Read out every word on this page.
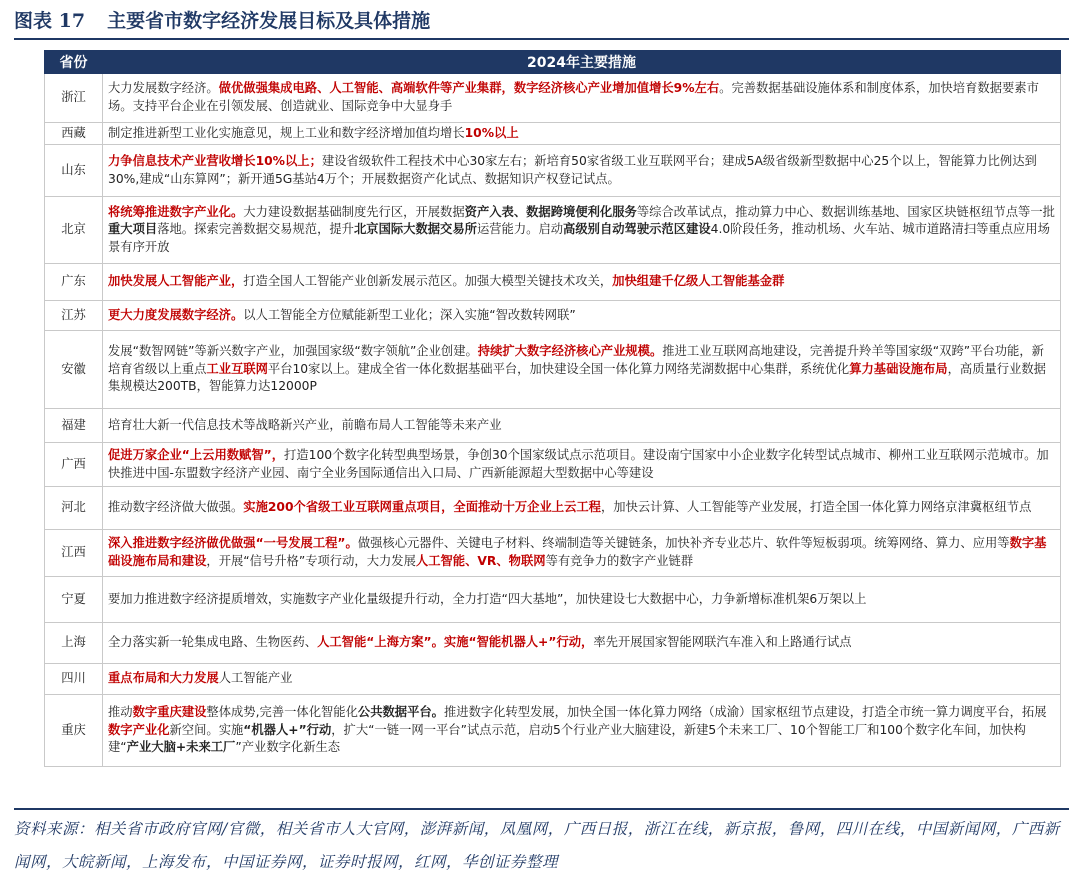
图表 17 主要省市数字经济发展目标及具体措施
省份	2024年主要措施
浙江	大力发展数字经济。做优做强集成电路、人工智能、高端软件等产业集群，数字经济核心产业增加值增长9%左右。完善数据基础设施体系和制度体系，加快培育数据要素市场。支持平台企业在引领发展、创造就业、国际竞争中大显身手
西藏	制定推进新型工业化实施意见，规上工业和数字经济增加值均增长10%以上
山东	力争信息技术产业营收增长10%以上；建设省级软件工程技术中心30家左右；新培育50家省级工业互联网平台；建成5A级省级新型数据中心25个以上，智能算力比例达到30%,建成“山东算网”；新开通5G基站4万个；开展数据资产化试点、数据知识产权登记试点。
北京	将统筹推进数字产业化。大力建设数据基础制度先行区，开展数据资产入表、数据跨境便利化服务等综合改革试点，推动算力中心、数据训练基地、国家区块链枢纽节点等一批重大项目落地。探索完善数据交易规范，提升北京国际大数据交易所运营能力。启动高级别自动驾驶示范区建设4.0阶段任务，推动机场、火车站、城市道路清扫等重点应用场景有序开放
广东	加快发展人工智能产业，打造全国人工智能产业创新发展示范区。加强大模型关键技术攻关，加快组建千亿级人工智能基金群
江苏	更大力度发展数字经济。以人工智能全方位赋能新型工业化；深入实施“智改数转网联”
安徽	发展“数智网链”等新兴数字产业，加强国家级“数字领航”企业创建。持续扩大数字经济核心产业规模。推进工业互联网高地建设，完善提升羚羊等国家级“双跨”平台功能，新培育省级以上重点工业互联网平台10家以上。建成全省一体化数据基础平台，加快建设全国一体化算力网络芜湖数据中心集群，系统优化算力基础设施布局，高质量行业数据集规模达200TB，智能算力达12000P
福建	培育壮大新一代信息技术等战略新兴产业，前瞻布局人工智能等未来产业
广西	促进万家企业“上云用数赋智”，打造100个数字化转型典型场景，争创30个国家级试点示范项目。建设南宁国家中小企业数字化转型试点城市、柳州工业互联网示范城市。加快推进中国-东盟数字经济产业园、南宁全业务国际通信出入口局、广西新能源超大型数据中心等建设
河北	推动数字经济做大做强。实施200个省级工业互联网重点项目，全面推动十万企业上云工程，加快云计算、人工智能等产业发展，打造全国一体化算力网络京津冀枢纽节点
江西	深入推进数字经济做优做强“一号发展工程”。做强核心元器件、关键电子材料、终端制造等关键链条，加快补齐专业芯片、软件等短板弱项。统筹网络、算力、应用等数字基础设施布局和建设，开展“信号升格”专项行动，大力发展人工智能、VR、物联网等有竞争力的数字产业链群
宁夏	要加力推进数字经济提质增效，实施数字产业化量级提升行动，全力打造“四大基地”，加快建设七大数据中心，力争新增标准机架6万架以上
上海	全力落实新一轮集成电路、生物医药、人工智能“上海方案”。实施“智能机器人+”行动，率先开展国家智能网联汽车准入和上路通行试点
四川	重点布局和大力发展人工智能产业
重庆	推动数字重庆建设整体成势,完善一体化智能化公共数据平台。推进数字化转型发展，加快全国一体化算力网络（成渝）国家枢纽节点建设，打造全市统一算力调度平台，拓展数字产业化新空间。实施“机器人+”行动，扩大“一链一网一平台”试点示范，启动5个行业产业大脑建设，新建5个未来工厂、10个智能工厂和100个数字化车间，加快构建“产业大脑+未来工厂”产业数字化新生态
资料来源：相关省市政府官网/官微，相关省市人大官网，澎湃新闻，凤凰网，广西日报，浙江在线，新京报，鲁网，四川在线，中国新闻网，广西新闻网，大皖新闻，上海发布，中国证券网，证券时报网，红网，华创证券整理
